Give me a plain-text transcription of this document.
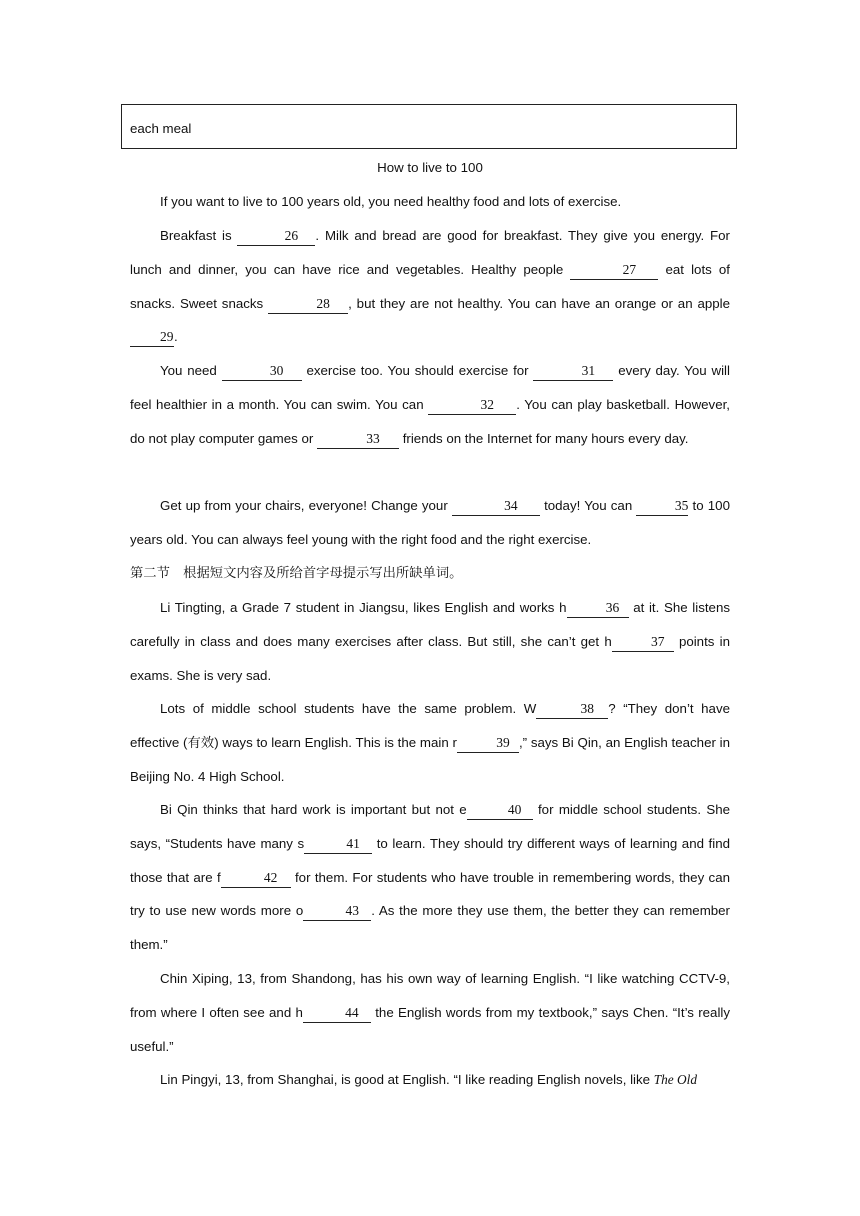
each meal
How to live to 100
If you want to live to 100 years old, you need healthy food and lots of exercise.
Breakfast is	26 . Milk and bread are good for breakfast. They give you energy. For lunch and dinner, you can have rice and vegetables. Healthy people	27 eat lots of snacks. Sweet snacks	28 , but they are not healthy. You can have an orange or an apple 29.
You need	30 exercise too. You should exercise for	31 every day. You will feel healthier in a month. You can swim. You can	32 . You can play basketball. However, do not play computer games or	33 friends on the Internet for many hours every day.
Get up from your chairs, everyone! Change your	34 today! You can	35 to 100 years old. You can always feel young with the right food and the right exercise.
第二节　根据短文内容及所给首字母提示写出所缺单词。
Li Tingting, a Grade 7 student in Jiangsu, likes English and works h	36 at it. She listens carefully in class and does many exercises after class. But still, she can’t get h	37 points in exams. She is very sad.
Lots of middle school students have the same problem. W	38 ? “They don’t have effective (有效) ways to learn English. This is the main r	39 ,” says Bi Qin, an English teacher in Beijing No. 4 High School.
Bi Qin thinks that hard work is important but not e	40 for middle school students. She says, “Students have many s	41 to learn. They should try different ways of learning and find those that are f	42 for them. For students who have trouble in remembering words, they can try to use new words more o	43 . As the more they use them, the better they can remember them.”
Chin Xiping, 13, from Shandong, has his own way of learning English. “I like watching CCTV-9, from where I often see and h	44 the English words from my textbook,” says Chen. “It’s really useful.”
Lin Pingyi, 13, from Shanghai, is good at English. “I like reading English novels, like The Old
